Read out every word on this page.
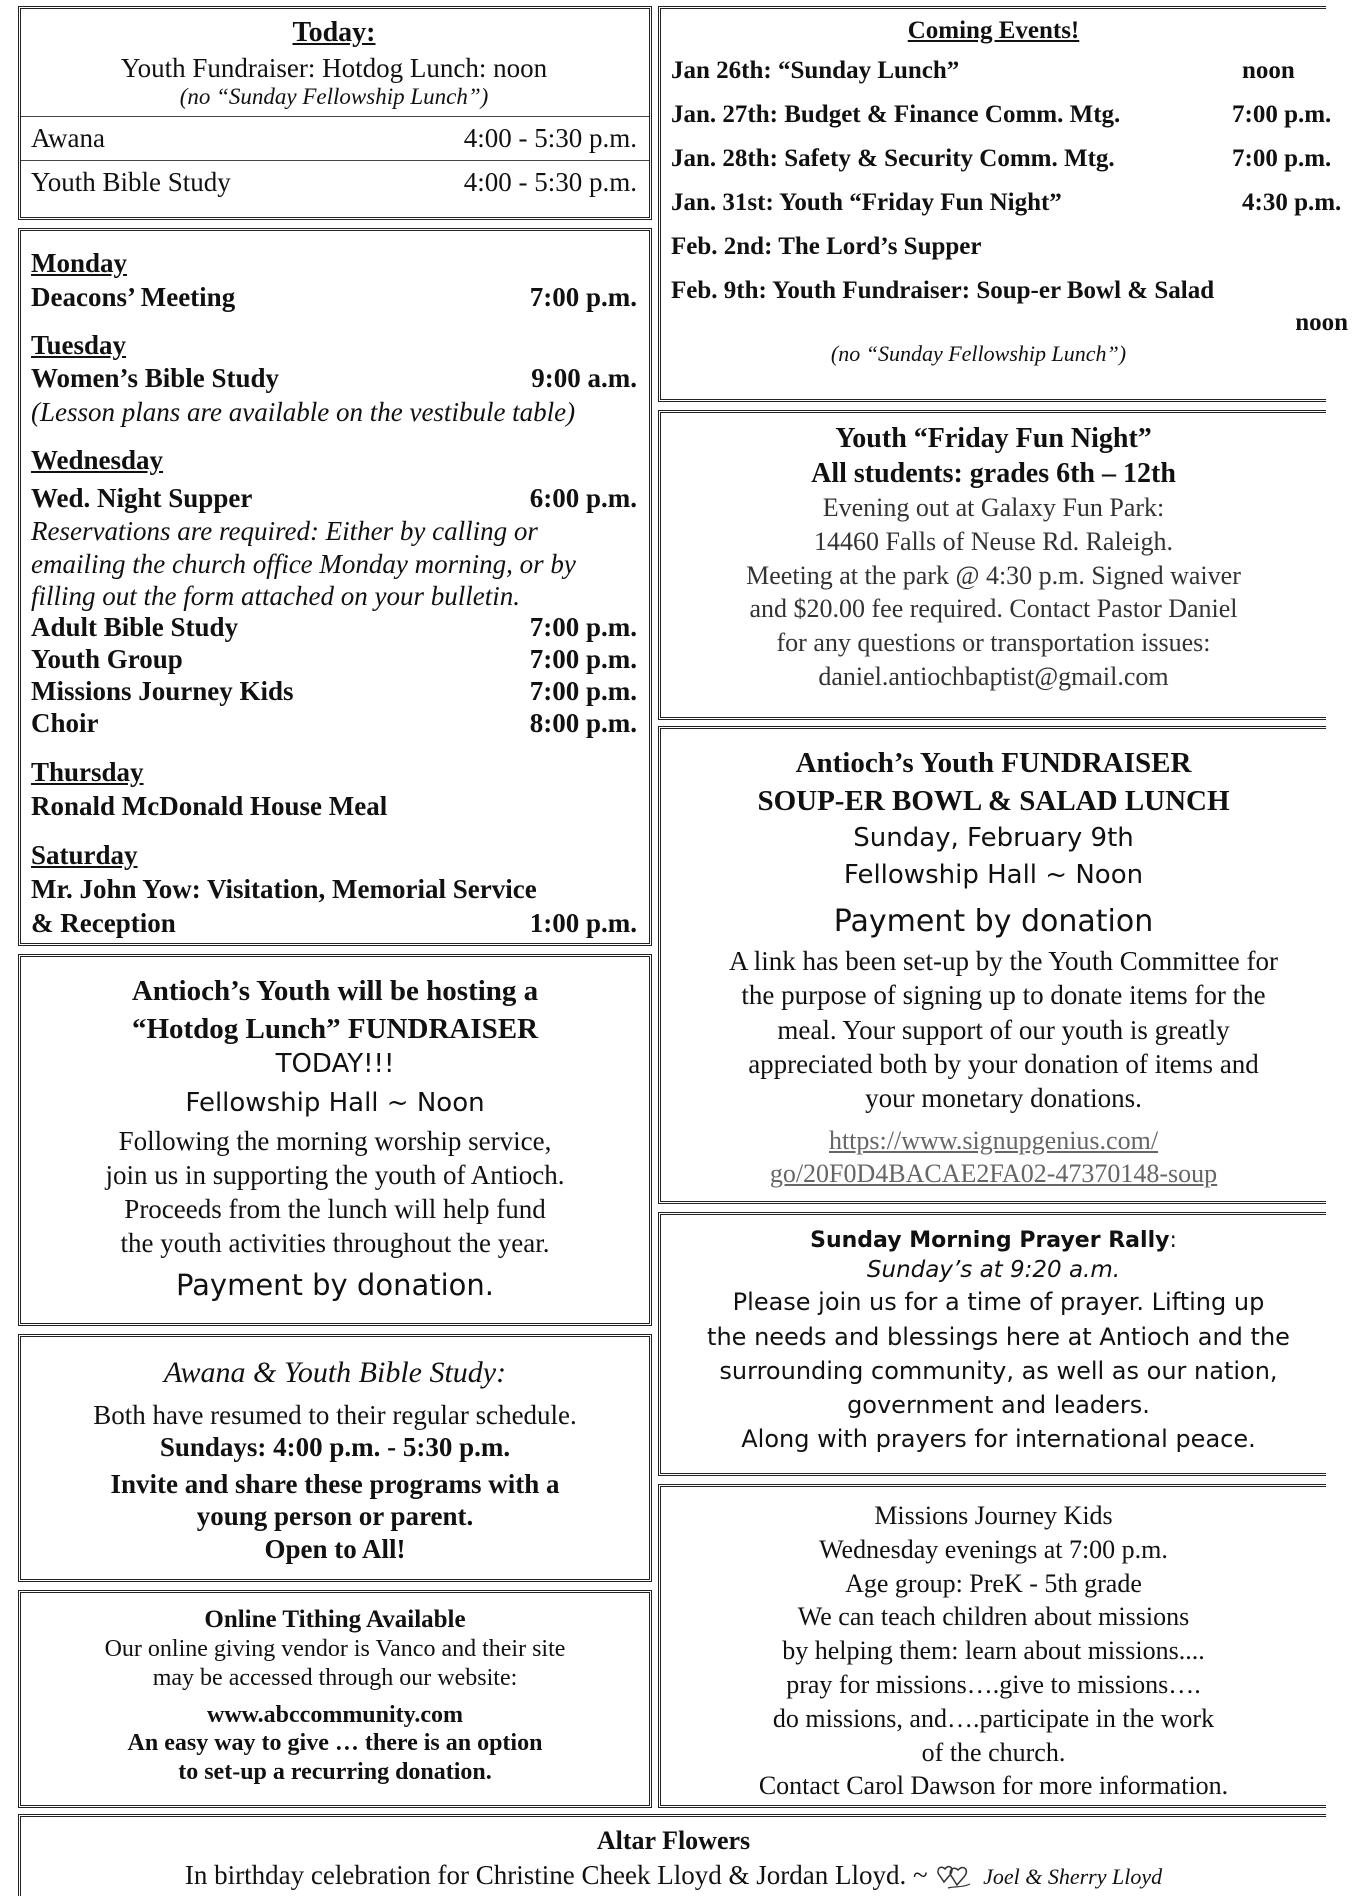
Today:
Youth Fundraiser: Hotdog Lunch: noon
(no “Sunday Fellowship Lunch”)
Awana	4:00 - 5:30 p.m.
Youth Bible Study	4:00 - 5:30 p.m.
Monday
Deacons’ Meeting	7:00 p.m.
Tuesday
Women’s Bible Study	9:00 a.m.
(Lesson plans are available on the vestibule table)
Wednesday
Wed. Night Supper	6:00 p.m.
Reservations are required: Either by calling or emailing the church office Monday morning, or by filling out the form attached on your bulletin.
Adult Bible Study	7:00 p.m.
Youth Group	7:00 p.m.
Missions Journey Kids	7:00 p.m.
Choir	8:00 p.m.
Thursday
Ronald McDonald House Meal
Saturday
Mr. John Yow: Visitation, Memorial Service
& Reception	1:00 p.m.
Antioch’s Youth will be hosting a
“Hotdog Lunch” FUNDRAISER
TODAY!!!
Fellowship Hall ~ Noon
Following the morning worship service,
join us in supporting the youth of Antioch.
Proceeds from the lunch will help fund
the youth activities throughout the year.
Payment by donation.
Awana & Youth Bible Study:
Both have resumed to their regular schedule.
Sundays: 4:00 p.m. - 5:30 p.m.
Invite and share these programs with a
young person or parent.
Open to All!
Online Tithing Available
Our online giving vendor is Vanco and their site
may be accessed through our website:
www.abccommunity.com
An easy way to give … there is an option
to set-up a recurring donation.
Coming Events!
Jan 26th: “Sunday Lunch”	noon
Jan. 27th: Budget & Finance Comm. Mtg.	7:00 p.m.
Jan. 28th: Safety & Security Comm. Mtg.	7:00 p.m.
Jan. 31st: Youth “Friday Fun Night”	4:30 p.m.
Feb. 2nd: The Lord’s Supper
Feb. 9th: Youth Fundraiser: Soup-er Bowl & Salad
noon
(no “Sunday Fellowship Lunch”)
Youth “Friday Fun Night”
All students: grades 6th – 12th
Evening out at Galaxy Fun Park:
14460 Falls of Neuse Rd. Raleigh.
Meeting at the park @ 4:30 p.m. Signed waiver
and $20.00 fee required. Contact Pastor Daniel
for any questions or transportation issues:
daniel.antiochbaptist@gmail.com
Antioch’s Youth FUNDRAISER
SOUP-ER BOWL & SALAD LUNCH
Sunday, February 9th
Fellowship Hall ~ Noon
Payment by donation
A link has been set-up by the Youth Committee for
the purpose of signing up to donate items for the
meal. Your support of our youth is greatly
appreciated both by your donation of items and
your monetary donations.
https://www.signupgenius.com/
go/20F0D4BACAE2FA02-47370148-soup
Sunday Morning Prayer Rally:
Sunday’s at 9:20 a.m.
Please join us for a time of prayer. Lifting up
the needs and blessings here at Antioch and the
surrounding community, as well as our nation,
government and leaders.
Along with prayers for international peace.
Missions Journey Kids
Wednesday evenings at 7:00 p.m.
Age group: PreK - 5th grade
We can teach children about missions
by helping them: learn about missions....
pray for missions….give to missions….
do missions, and….participate in the work
of the church.
Contact Carol Dawson for more information.
Altar Flowers
In birthday celebration for Christine Cheek Lloyd & Jordan Lloyd. ~	Joel & Sherry Lloyd
